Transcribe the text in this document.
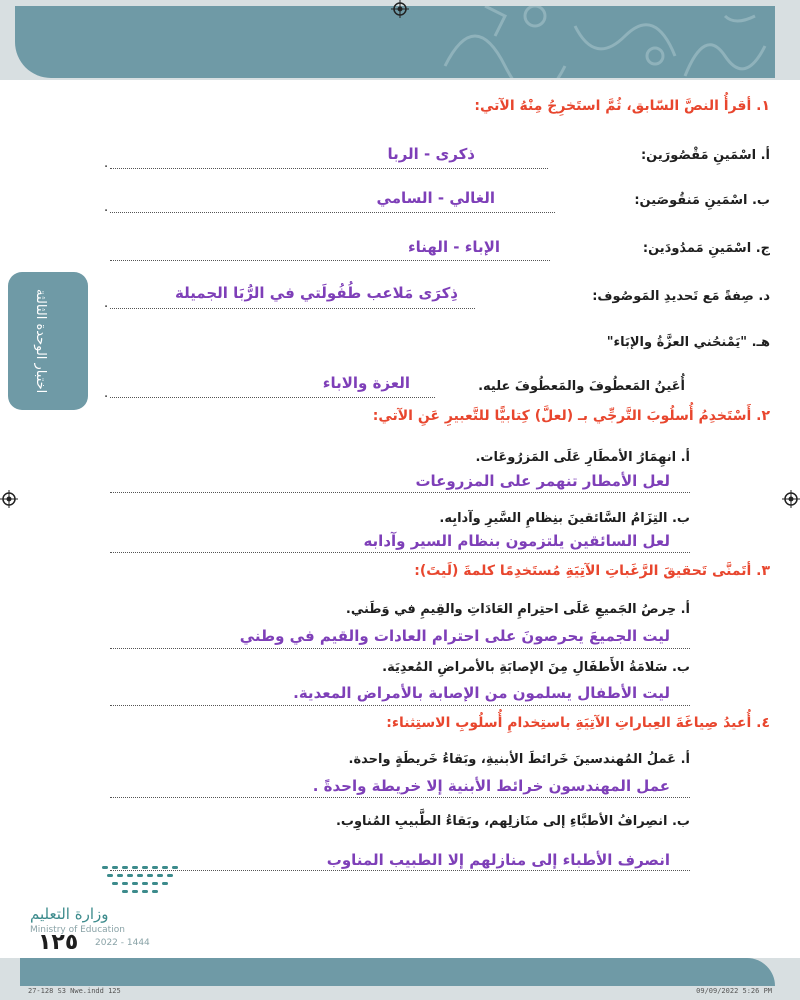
اختبار الوحدة الثالثة
١. أقرأُ النصَّ السّابق، ثُمَّ استَخرِجُ مِنْهُ الآتي:
أ. اسْمَينِ مَقْصُورَين:
ذكرى - الربا
.
ب. اسْمَينِ مَنقُوصَين:
الغالي - السامي
.
ج. اسْمَينِ مَمدُودَين:
الإباء - الهناء
د. صِفةً مَع تَحديدِ المَوصُوف:
ذِكرَى مَلاعب طُفُولَتي في الرُّبَا الجميلة
.
هـ. "يَمْنحُني العزَّةُ والإبَاء"
أُعَينُ المَعطُوفَ والمَعطُوفَ عليه.
العزة والاباء
.
٢. أَسْتَخدِمُ أُسلُوبَ التَّرجِّي بـ (لعلَّ) كِتابيًّا للتَّعبيرِ عَنِ الآتي:
أ. انهِمَارُ الأمطَارِ عَلَى المَزرُوعَات.
لعل الأمطار تنهمر على المزروعات
ب. التِزَامُ السَّائقينَ بنِظامِ السَّيرِ وآدابِه.
لعل السائقين يلتزمون بنظام السير وآدابه
٣. أتَمنَّى تَحقيقَ الرَّغَباتِ الآتِيَةِ مُستَخدِمًا كلمةَ (لَيتَ):
أ. حِرصُ الجَميعِ عَلَى احتِرامِ العَادَاتِ والقِيمِ في وَطَني.
ليت الجميعَ يحرصونَ على احترام العادات والقيم في وطني
ب. سَلامَةُ الأَطفَالِ مِنَ الإصابَةِ بالأمراضِ المُعدِيَة.
ليت الأطفال يسلمون من الإصابة بالأمراض المعدية.
٤. أُعيدُ صِياغَةَ العِباراتِ الآتِيَةِ باستِخدامِ أُسلُوبِ الاستِثناء:
أ. عَملُ المُهندسينَ خَرائطَ الأبنيةِ، وبَقاءُ خَريطَةٍ واحدة.
عمل المهندسون خرائط الأبنية إلا خريطة واحدةً .
ب. انصِرافُ الأطبَّاءِ إلى منَازلِهم، وبَقاءُ الطَّبيبِ المُناوِب.
انصرف الأطباء إلى منازلهم إلا الطبيب المناوب
وزارة التعليم
Ministry of Education
2022 - 1444
١٢٥
27-128 S3 Nwe.indd 125	09/09/2022 5:26 PM
